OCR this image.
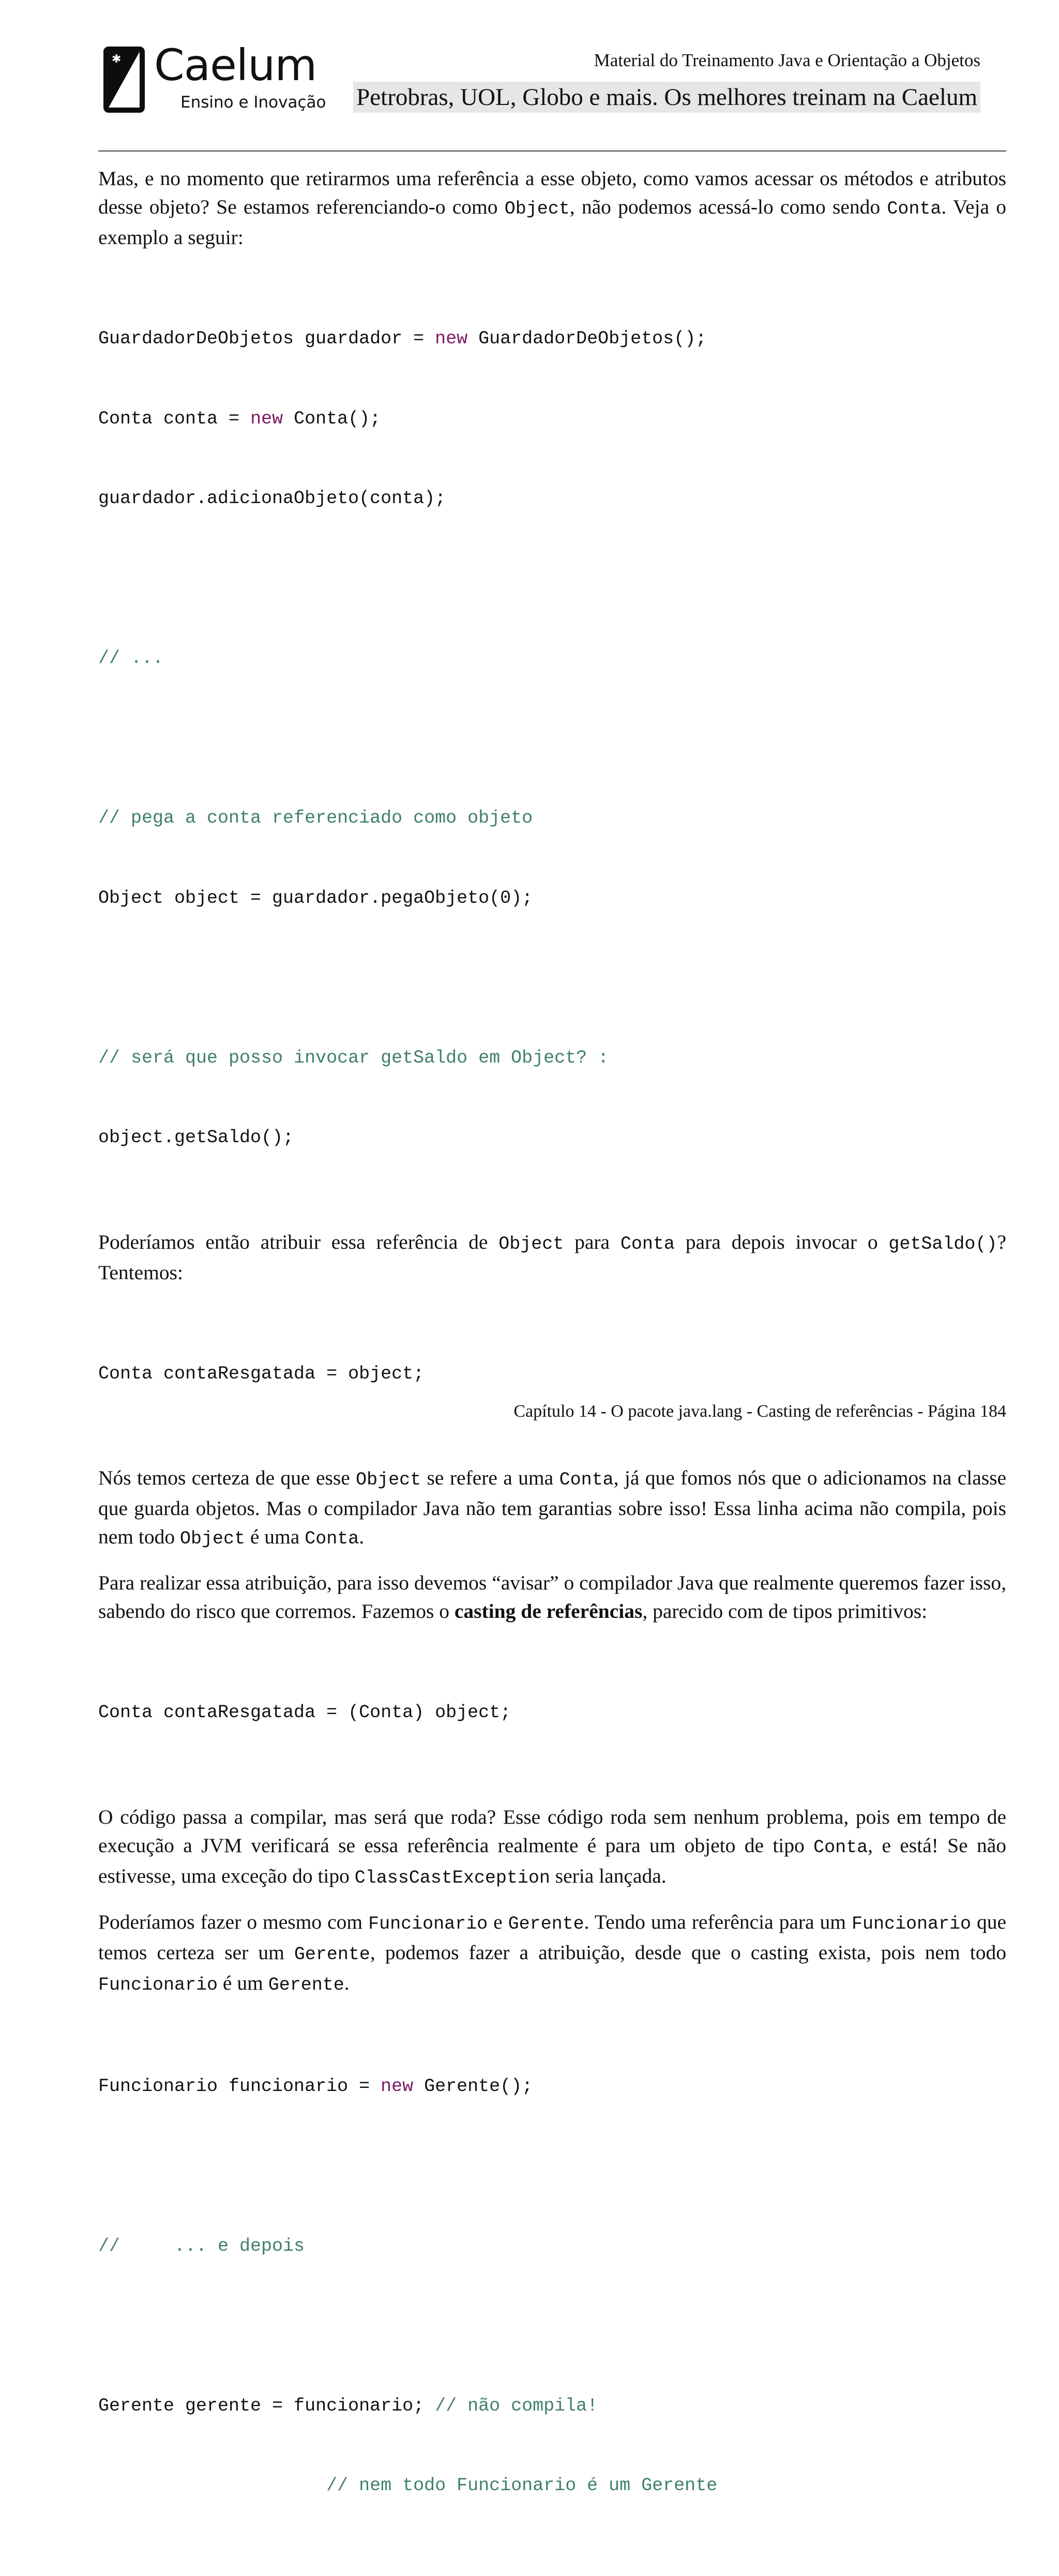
✱ Caelum
Ensino e Inovação
Material do Treinamento Java e Orientação a Objetos
Petrobras, UOL, Globo e mais. Os melhores treinam na Caelum

Mas, e no momento que retirarmos uma referência a esse objeto, como vamos acessar os métodos e atributos desse objeto? Se estamos referenciando-o como Object, não podemos acessá-lo como sendo Conta. Veja o exemplo a seguir:

GuardadorDeObjetos guardador = new GuardadorDeObjetos();

Conta conta = new Conta();

guardador.adicionaObjeto(conta);

// ...

// pega a conta referenciado como objeto

Object object = guardador.pegaObjeto(0);

// será que posso invocar getSaldo em Object? :

object.getSaldo();

Poderíamos então atribuir essa referência de Object para Conta para depois invocar o getSaldo()? Tentemos:

Conta contaResgatada = object;

Nós temos certeza de que esse Object se refere a uma Conta, já que fomos nós que o adicionamos na classe que guarda objetos. Mas o compilador Java não tem garantias sobre isso! Essa linha acima não compila, pois nem todo Object é uma Conta.

Para realizar essa atribuição, para isso devemos “avisar” o compilador Java que realmente queremos fazer isso, sabendo do risco que corremos. Fazemos o casting de referências, parecido com de tipos primitivos:

Conta contaResgatada = (Conta) object;

O código passa a compilar, mas será que roda? Esse código roda sem nenhum problema, pois em tempo de execução a JVM verificará se essa referência realmente é para um objeto de tipo Conta, e está! Se não estivesse, uma exceção do tipo ClassCastException seria lançada.

Poderíamos fazer o mesmo com Funcionario e Gerente. Tendo uma referência para um Funcionario que temos certeza ser um Gerente, podemos fazer a atribuição, desde que o casting exista, pois nem todo Funcionario é um Gerente.

Funcionario funcionario = new Gerente();

//     ... e depois

Gerente gerente = funcionario; // não compila!

// nem todo Funcionario é um Gerente

Capítulo 14 - O pacote java.lang - Casting de referências - Página 184
